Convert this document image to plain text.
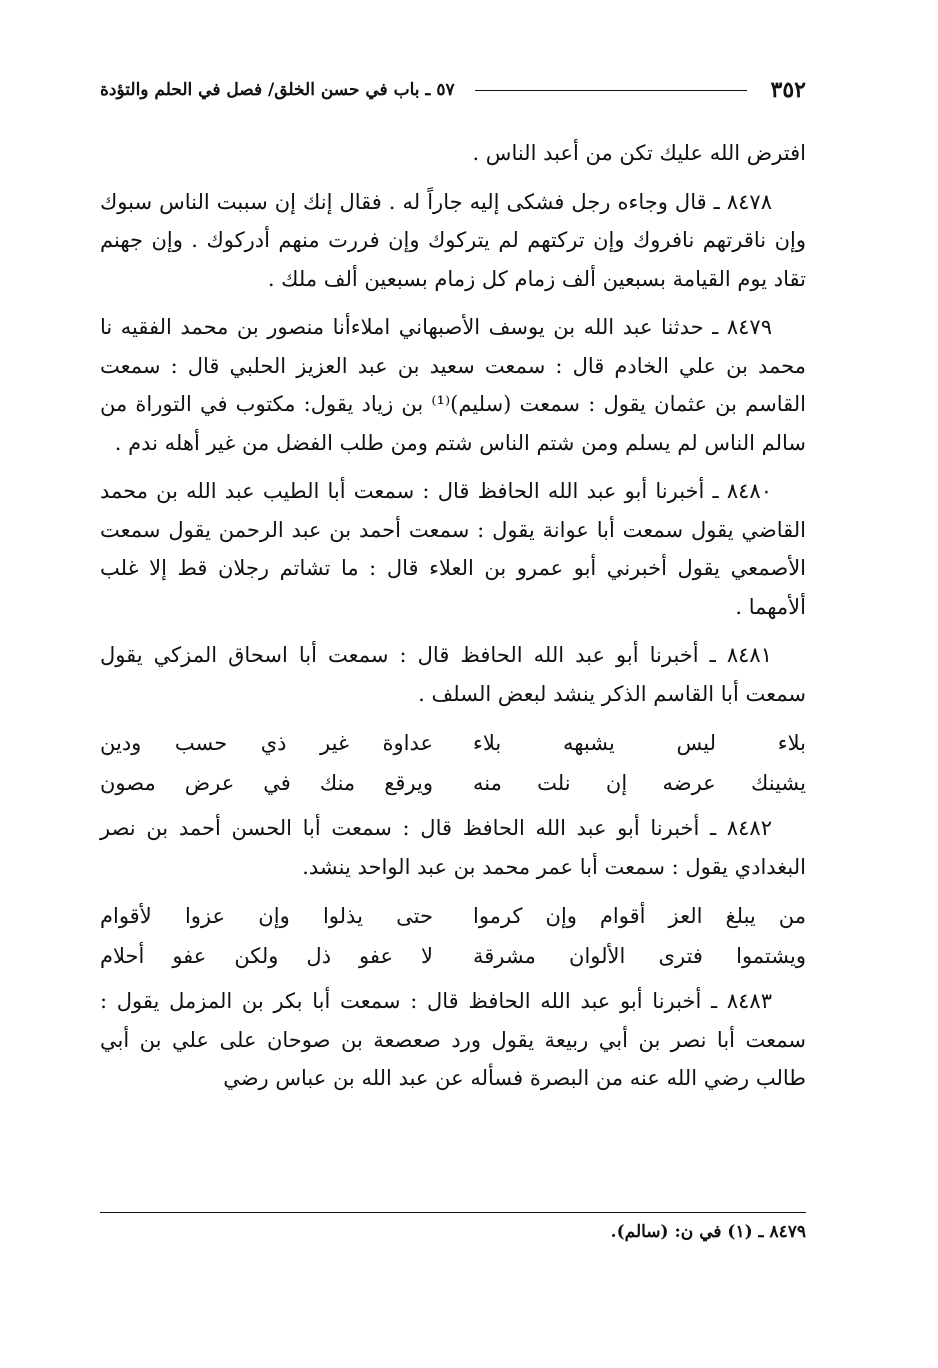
٣٥٢
٥٧ ـ باب في حسن الخلق/ فصل في الحلم والتؤدة

افترض الله عليك تكن من أعبد الناس .

٨٤٧٨ ـ قال وجاءه رجل فشكى إليه جاراً له . فقال إنك إن سببت الناس سبوك وإن ناقرتهم نافروك وإن تركتهم لم يتركوك وإن فررت منهم أدركوك . وإن جهنم تقاد يوم القيامة بسبعين ألف زمام كل زمام بسبعين ألف ملك .

٨٤٧٩ ـ حدثنا عبد الله بن يوسف الأصبهاني املاءأنا منصور بن محمد الفقيه نا محمد بن علي الخادم قال : سمعت سعيد بن عبد العزيز الحلبي قال : سمعت القاسم بن عثمان يقول : سمعت (سليم)⁽¹⁾ بن زياد يقول: مكتوب في التوراة من سالم الناس لم يسلم ومن شتم الناس شتم ومن طلب الفضل من غير أهله ندم .

٨٤٨٠ ـ أخبرنا أبو عبد الله الحافظ قال : سمعت أبا الطيب عبد الله بن محمد القاضي يقول سمعت أبا عوانة يقول : سمعت أحمد بن عبد الرحمن يقول سمعت الأصمعي يقول أخبرني أبو عمرو بن العلاء قال : ما تشاتم رجلان قط إلا غلب ألأمهما .

٨٤٨١ ـ أخبرنا أبو عبد الله الحافظ قال : سمعت أبا اسحاق المزكي يقول سمعت أبا القاسم الذكر ينشد لبعض السلف .

بلاء ليس يشبهه بلاء
عداوة غير ذي حسب ودين
يشينك عرضه إن نلت منه
ويرقع منك في عرض مصون

٨٤٨٢ ـ أخبرنا أبو عبد الله الحافظ قال : سمعت أبا الحسن أحمد بن نصر البغدادي يقول : سمعت أبا عمر محمد بن عبد الواحد ينشد.

من يبلغ العز أقوام وإن كرموا
حتى يذلوا وإن عزوا لأقوام
ويشتموا فترى الألوان مشرقة
لا عفو ذل ولكن عفو أحلام

٨٤٨٣ ـ أخبرنا أبو عبد الله الحافظ قال : سمعت أبا بكر بن المزمل يقول : سمعت أبا نصر بن أبي ربيعة يقول ورد صعصعة بن صوحان على علي بن أبي طالب رضي الله عنه من البصرة فسأله عن عبد الله بن عباس رضي

٨٤٧٩ ـ (١) في ن: (سالم).
